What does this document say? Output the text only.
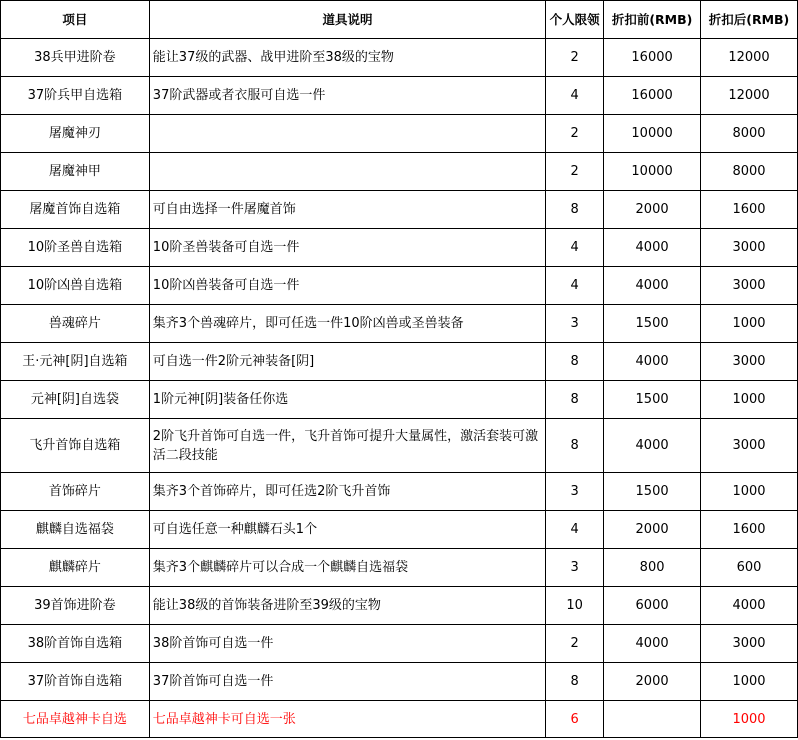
项目	道具说明	个人限领	折扣前(RMB)	折扣后(RMB)
38兵甲进阶卷	能让37级的武器、战甲进阶至38级的宝物	2	16000	12000
37阶兵甲自选箱	37阶武器或者衣服可自选一件	4	16000	12000
屠魔神刃		2	10000	8000
屠魔神甲		2	10000	8000
屠魔首饰自选箱	可自由选择一件屠魔首饰	8	2000	1600
10阶圣兽自选箱	10阶圣兽装备可自选一件	4	4000	3000
10阶凶兽自选箱	10阶凶兽装备可自选一件	4	4000	3000
兽魂碎片	集齐3个兽魂碎片，即可任选一件10阶凶兽或圣兽装备	3	1500	1000
王·元神[阴]自选箱	可自选一件2阶元神装备[阴]	8	4000	3000
元神[阴]自选袋	1阶元神[阴]装备任你选	8	1500	1000
飞升首饰自选箱	2阶飞升首饰可自选一件，飞升首饰可提升大量属性，激活套装可激活二段技能	8	4000	3000
首饰碎片	集齐3个首饰碎片，即可任选2阶飞升首饰	3	1500	1000
麒麟自选福袋	可自选任意一种麒麟石头1个	4	2000	1600
麒麟碎片	集齐3个麒麟碎片可以合成一个麒麟自选福袋	3	800	600
39首饰进阶卷	能让38级的首饰装备进阶至39级的宝物	10	6000	4000
38阶首饰自选箱	38阶首饰可自选一件	2	4000	3000
37阶首饰自选箱	37阶首饰可自选一件	8	2000	1000
七品卓越神卡自选	七品卓越神卡可自选一张	6		1000
